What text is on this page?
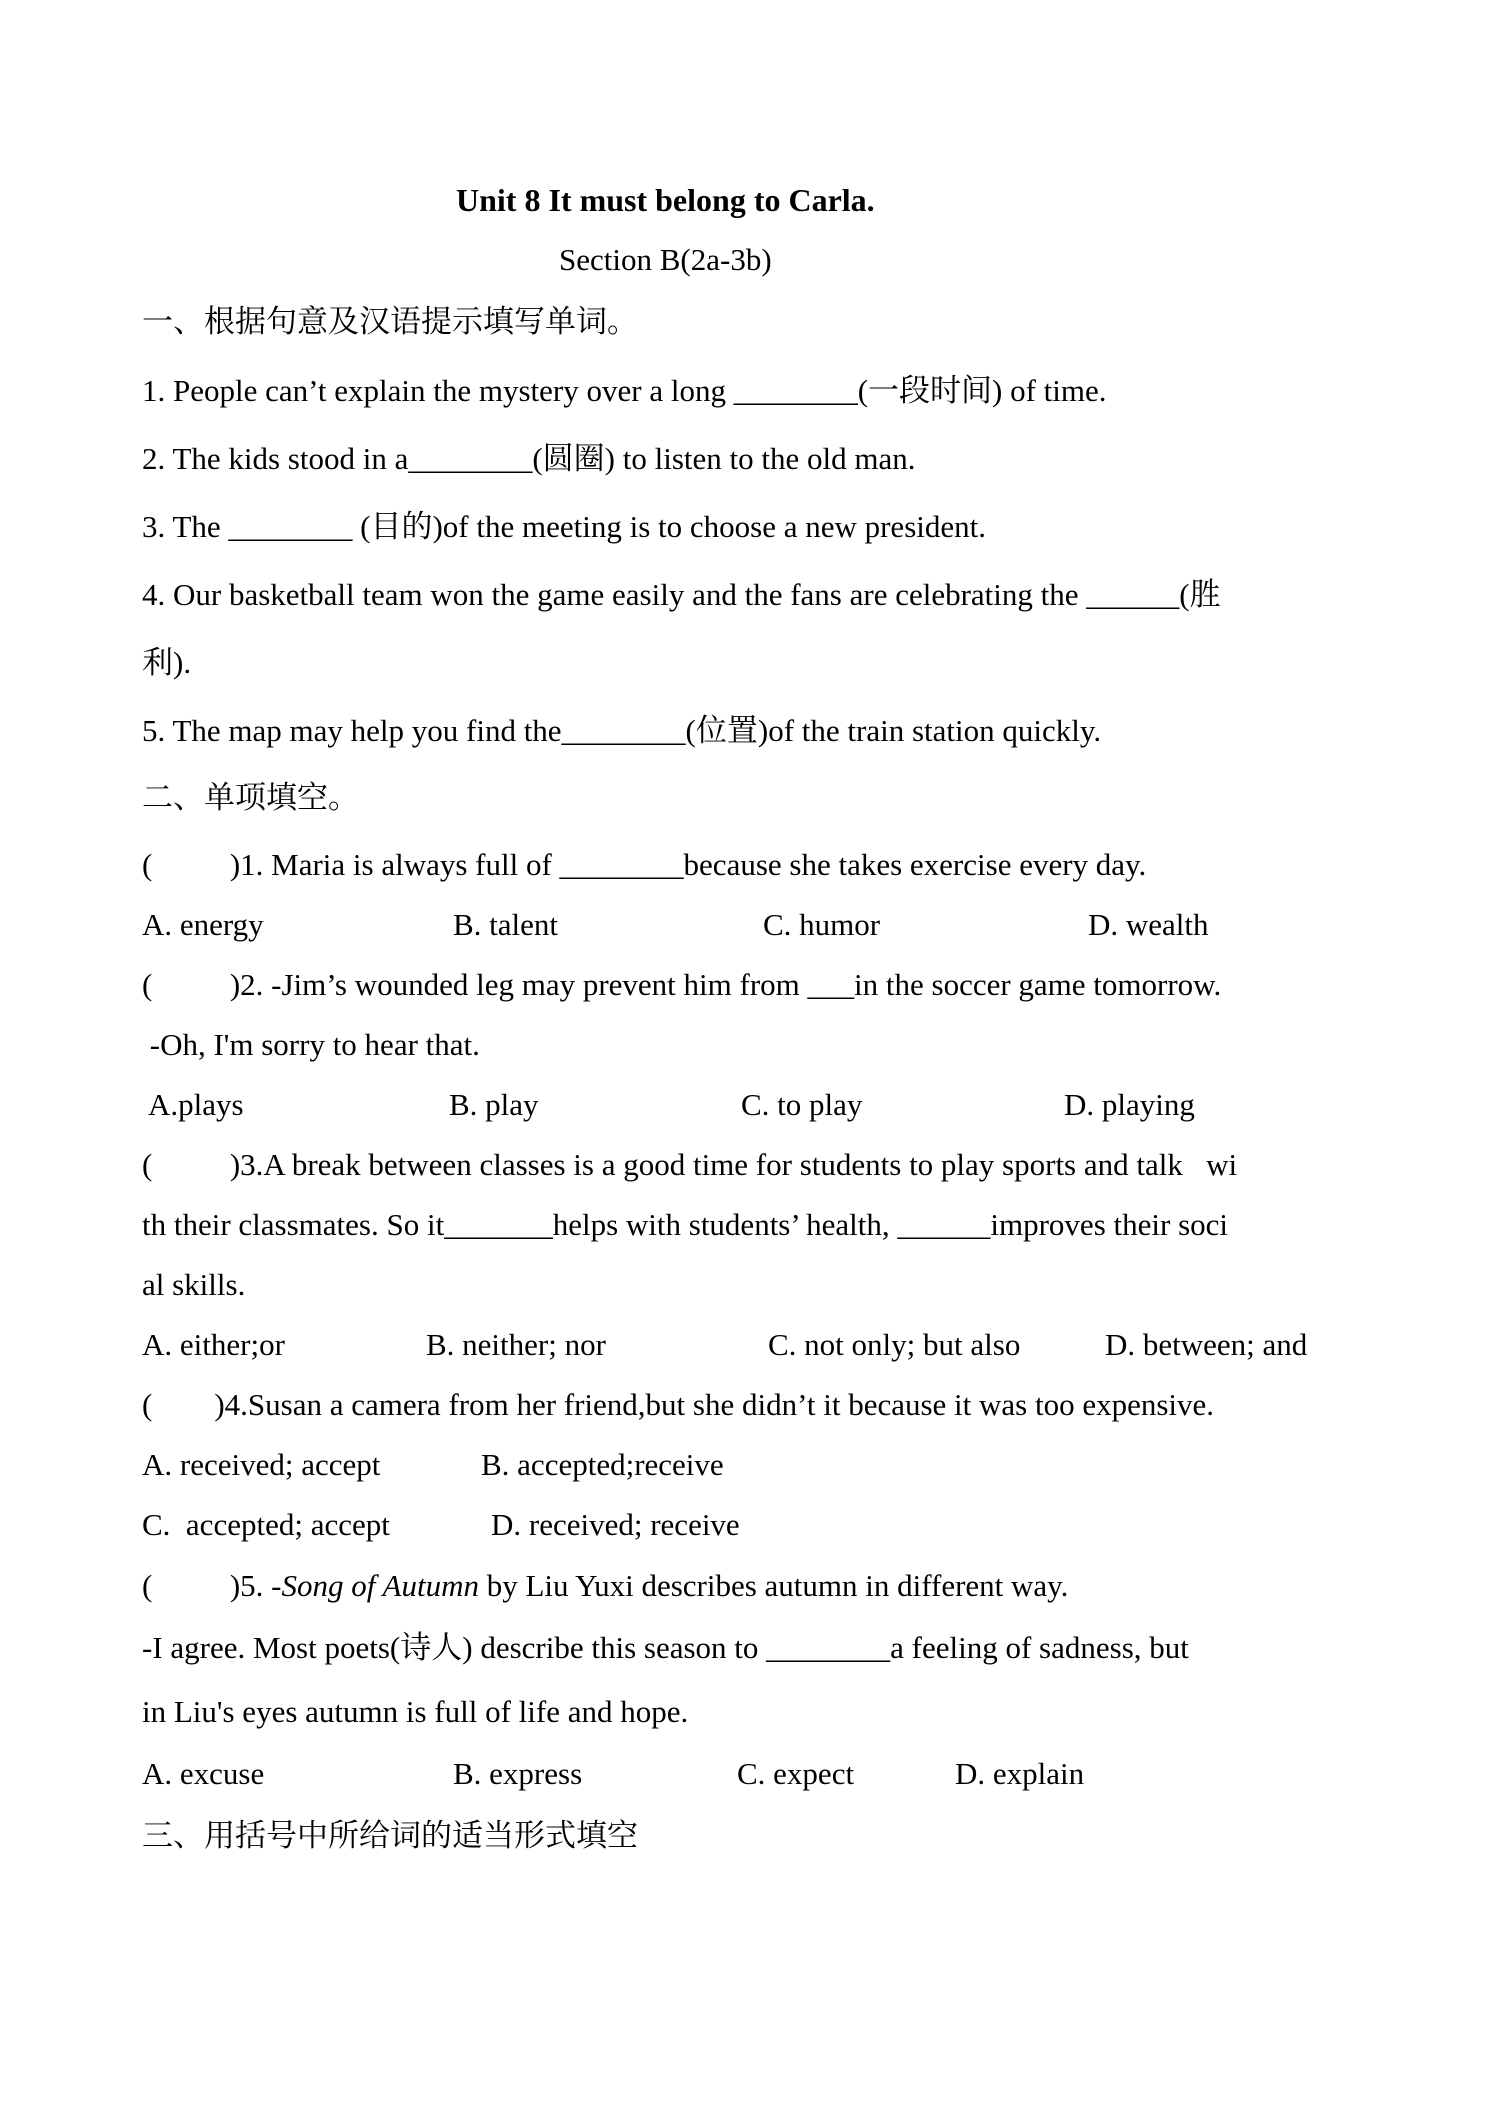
Unit 8 It must belong to Carla.
Section B(2a-3b)
一、根据句意及汉语提示填写单词。
1. People can’t explain the mystery over a long ________(一段时间) of time.
2. The kids stood in a________(圆圈) to listen to the old man.
3. The ________ (目的)of the meeting is to choose a new president.
4. Our basketball team won the game easily and the fans are celebrating the ______(胜
利).
5. The map may help you find the________(位置)of the train station quickly.
二、单项填空。
(          )1. Maria is always full of ________because she takes exercise every day.
A. energy	B. talent	C. humor	D. wealth
(          )2. -Jim’s wounded leg may prevent him from ___in the soccer game tomorrow.
-Oh, I'm sorry to hear that.
A.plays	B. play	C. to play	D. playing
(          )3.A break between classes is a good time for students to play sports and talk   wi
th their classmates. So it_______helps with students’ health, ______improves their soci
al skills.
A. either;or	B. neither; nor	C. not only; but also	D. between; and
(        )4.Susan a camera from her friend,but she didn’t it because it was too expensive.
A. received; accept	B. accepted;receive
C.  accepted; accept	D. received; receive
(          )5. -Song of Autumn by Liu Yuxi describes autumn in different way.
-I agree. Most poets(诗人) describe this season to ________a feeling of sadness, but
in Liu's eyes autumn is full of life and hope.
A. excuse	B. express	C. expect	D. explain
三、用括号中所给词的适当形式填空
